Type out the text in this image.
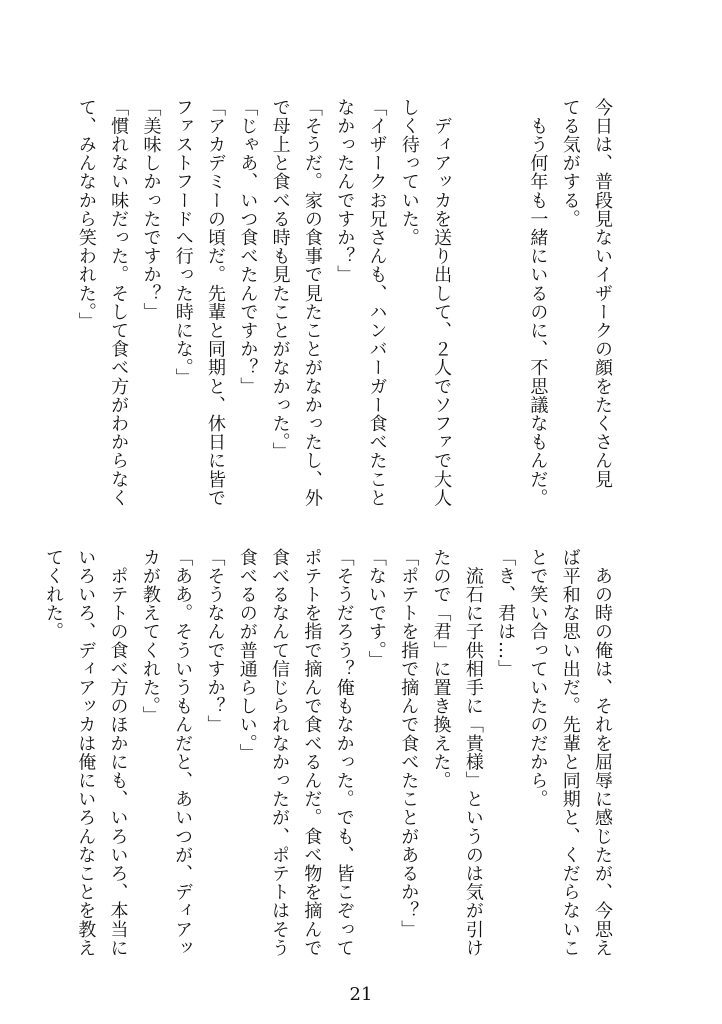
今日は、普段見ないイザークの顔をたくさん見
てる気がする。
　もう何年も一緒にいるのに、不思議なもんだ。
　ディアッカを送り出して、２人でソファで大人
しく待っていた。
「イザークお兄さんも、ハンバーガー食べたこと
なかったんですか？」
「そうだ。家の食事で見たことがなかったし、外
で母上と食べる時も見たことがなかった。」
「じゃあ、いつ食べたんですか？」
「アカデミーの頃だ。先輩と同期と、休日に皆で
ファストフードへ行った時にな。」
「美味しかったですか？」
「慣れない味だった。そして食べ方がわからなく
て、みんなから笑われた。」
　あの時の俺は、それを屈辱に感じたが、今思え
ば平和な思い出だ。先輩と同期と、くだらないこ
とで笑い合っていたのだから。
「き、君は…」
　流石に子供相手に「貴様」というのは気が引け
たので「君」に置き換えた。
「ポテトを指で摘んで食べたことがあるか？」
「ないです。」
「そうだろう？俺もなかった。でも、皆こぞって
ポテトを指で摘んで食べるんだ。食べ物を摘んで
食べるなんて信じられなかったが、ポテトはそう
食べるのが普通らしい。」
「そうなんですか？」
「ああ。そういうもんだと、あいつが、ディアッ
カが教えてくれた。」
　ポテトの食べ方のほかにも、いろいろ、本当に
いろいろ、ディアッカは俺にいろんなことを教え
てくれた。
21
